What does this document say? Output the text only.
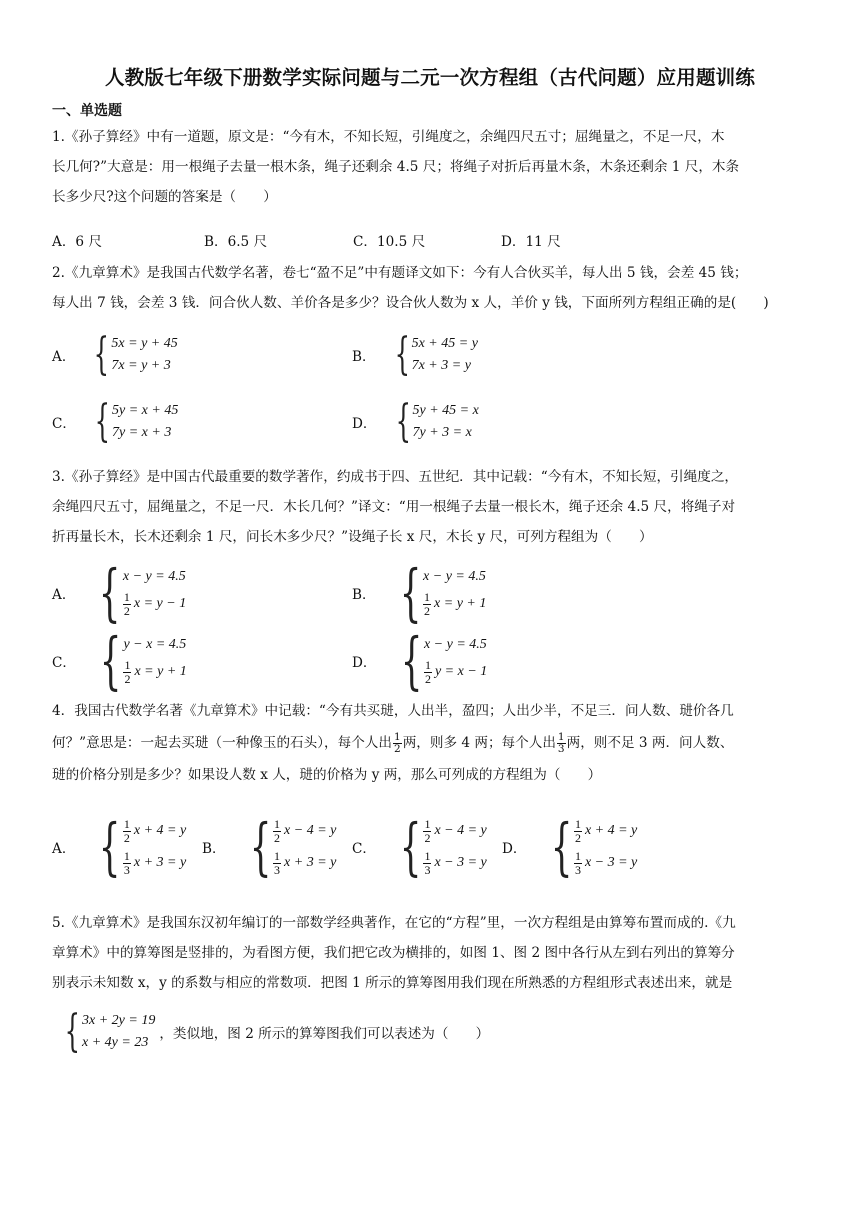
人教版七年级下册数学实际问题与二元一次方程组（古代问题）应用题训练
一、单选题
1.《孙子算经》中有一道题，原文是：“今有木，不知长短，引绳度之，余绳四尺五寸；屈绳量之，不足一尺，木
长几何?”大意是：用一根绳子去量一根木条，绳子还剩余 4.5 尺；将绳子对折后再量木条，木条还剩余 1 尺，木条
长多少尺?这个问题的答案是（　　）
A．6 尺	B．6.5 尺	C．10.5 尺	D．11 尺
2.《九章算术》是我国古代数学名著，卷七“盈不足”中有题译文如下：今有人合伙买羊，每人出 5 钱，会差 45 钱；
每人出 7 钱，会差 3 钱．问合伙人数、羊价各是多少？设合伙人数为 x 人，羊价 y 钱，下面所列方程组正确的是(　　)
A． { 5x = y + 45
7x = y + 3
B． { 5x + 45 = y
7x + 3 = y
C． { 5y = x + 45
7y = x + 3
D． { 5y + 45 = x
7y + 3 = x
3.《孙子算经》是中国古代最重要的数学著作，约成书于四、五世纪．其中记载：“今有木，不知长短，引绳度之，
余绳四尺五寸，屈绳量之，不足一尺．木长几何？”译文：“用一根绳子去量一根长木，绳子还余 4.5 尺，将绳子对
折再量长木，长木还剩余 1 尺，问长木多少尺？”设绳子长 x 尺，木长 y 尺，可列方程组为（　　）
A． { x − y = 4.5
$\frac{1}{2}$ x = y − 1
B． { x − y = 4.5
$\frac{1}{2}$ x = y + 1
C． { y − x = 4.5
$\frac{1}{2}$ x = y + 1
D． { x − y = 4.5
$\frac{1}{2}$ y = x − 1
4．我国古代数学名著《九章算术》中记载：“今有共买琎，人出半，盈四；人出少半，不足三．问人数、琎价各几
何？”意思是：一起去买琎（一种像玉的石头），每个人出 $\frac{1}{2}$ 两，则多 4 两；每个人出 $\frac{1}{3}$ 两，则不足 3 两．问人数、
琎的价格分别是多少？如果设人数 x 人，琎的价格为 y 两，那么可列成的方程组为（　　）
A． { $\frac{1}{2}$ x + 4 = y
$\frac{1}{3}$ x + 3 = y
B． { $\frac{1}{2}$ x − 4 = y
$\frac{1}{3}$ x + 3 = y
C． { $\frac{1}{2}$ x − 4 = y
$\frac{1}{3}$ x − 3 = y
D． { $\frac{1}{2}$ x + 4 = y
$\frac{1}{3}$ x − 3 = y
5.《九章算术》是我国东汉初年编订的一部数学经典著作，在它的“方程”里，一次方程组是由算筹布置而成的.《九
章算术》中的算筹图是竖排的，为看图方便，我们把它改为横排的，如图 1、图 2 图中各行从左到右列出的算筹分
别表示未知数 x，y 的系数与相应的常数项．把图 1 所示的算筹图用我们现在所熟悉的方程组形式表述出来，就是
{ 3x + 2y = 19
x + 4y = 23
，类似地，图 2 所示的算筹图我们可以表述为（　　）
